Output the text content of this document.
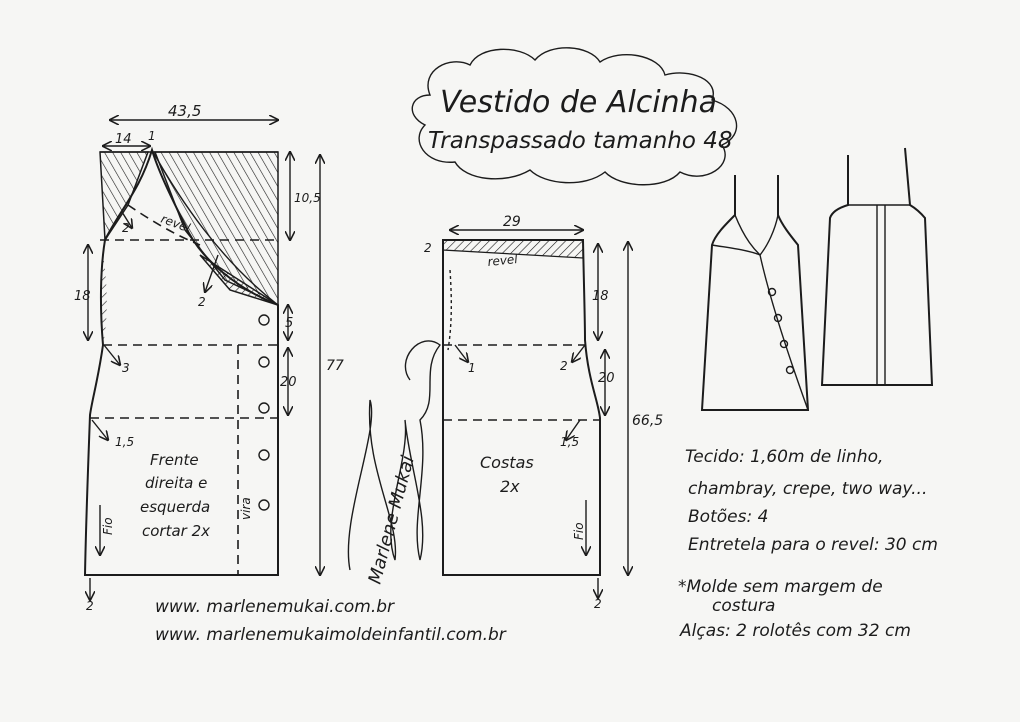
Vestido de Alcinha
Transpassado tamanho 48
43,5
14 1
10,5
77
18
5
20
2
2
3
1,5
2
revel
Frente
direita e
esquerda
cortar 2x
Fio
vira	Marlene Mukai
29
2
revel
18
20
66,5
1	2
1,5
2
Costas
2x
Fio
Tecido: 1,60m de linho,
chambray, crepe, two way...
Botões: 4
Entretela para o revel: 30 cm
*Molde sem margem de
costura
Alças: 2 rolotês com 32 cm
www. marlenemukai.com.br
www. marlenemukaimoldeinfantil.com.br
